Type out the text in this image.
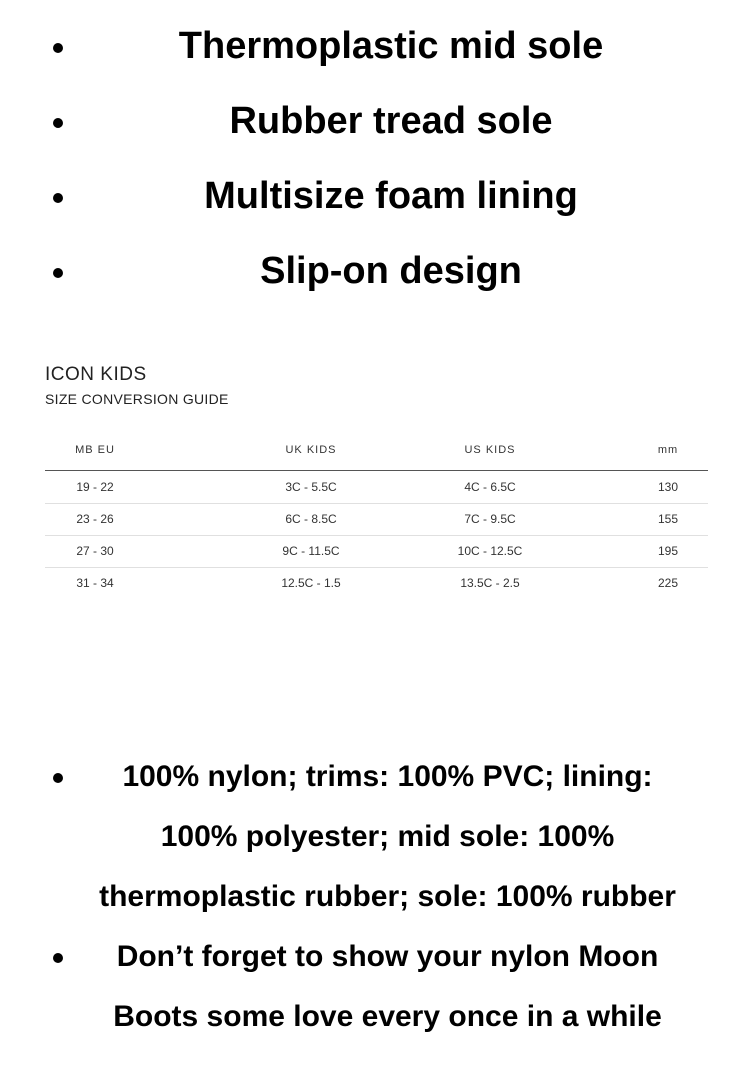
Thermoplastic mid sole
Rubber tread sole
Multisize foam lining
Slip-on design
ICON KIDS
SIZE CONVERSION GUIDE
MB EU	UK KIDS	US KIDS	mm
19 - 22	3C - 5.5C	4C - 6.5C	130
23 - 26	6C - 8.5C	7C - 9.5C	155
27 - 30	9C - 11.5C	10C - 12.5C	195
31 - 34	12.5C - 1.5	13.5C - 2.5	225
100% nylon; trims: 100% PVC; lining:
100% polyester; mid sole: 100%
thermoplastic rubber; sole: 100% rubber
Don’t forget to show your nylon Moon
Boots some love every once in a while
